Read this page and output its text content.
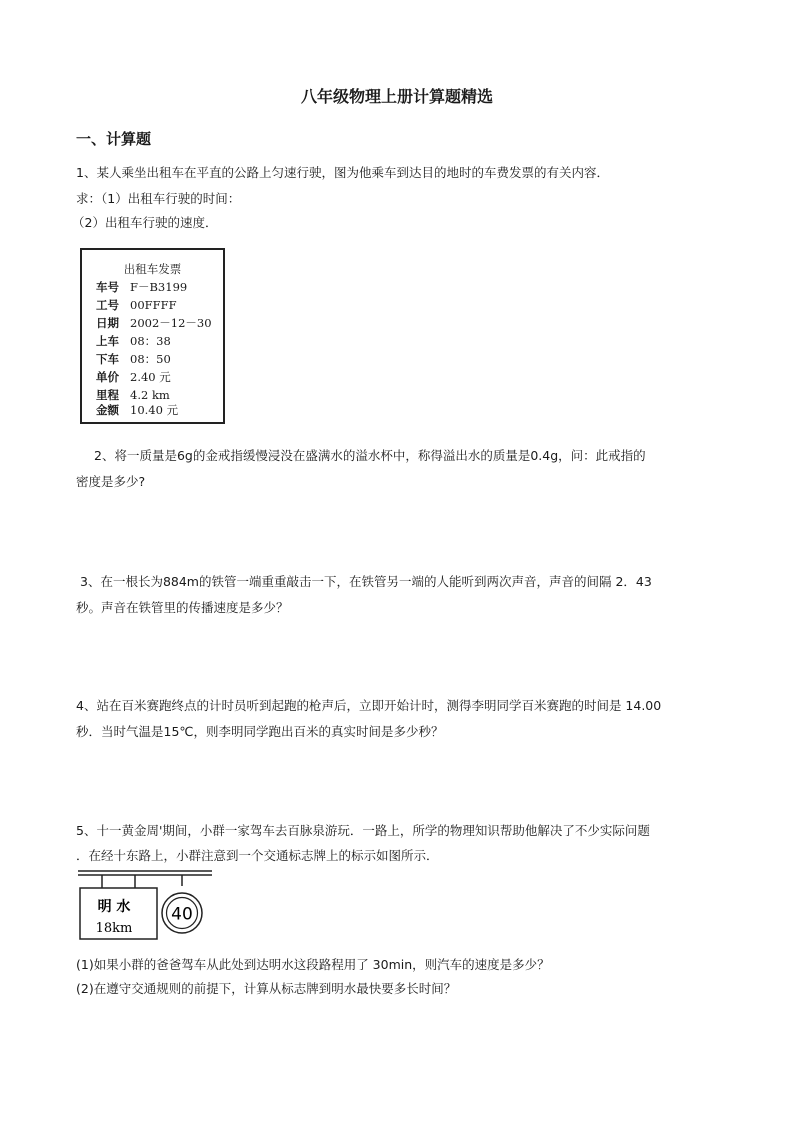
八年级物理上册计算题精选
一、计算题
1、某人乘坐出租车在平直的公路上匀速行驶，图为他乘车到达目的地时的车费发票的有关内容．
求：（1）出租车行驶的时间：
（2）出租车行驶的速度．
出租车发票
车号 F－B3199
工号 00FFFF
日期 2002－12－30
上车 08：38
下车 08：50
单价 2.40 元
里程 4.2 km
金额 10.40 元
2、将一质量是6g的金戒指缓慢浸没在盛满水的溢水杯中，称得溢出水的质量是0.4g，问：此戒指的
密度是多少?
3、在一根长为884m的铁管一端重重敲击一下，在铁管另一端的人能听到两次声音，声音的间隔 2．43
秒。声音在铁管里的传播速度是多少？
4、站在百米赛跑终点的计时员听到起跑的枪声后，立即开始计时，测得李明同学百米赛跑的时间是 14.00
秒．当时气温是15℃，则李明同学跑出百米的真实时间是多少秒？
5、十一黄金周'期间，小群一家驾车去百脉泉游玩．一路上，所学的物理知识帮助他解决了不少实际问题
．在经十东路上，小群注意到一个交通标志牌上的标示如图所示．
明 水
18km
40
(1)如果小群的爸爸驾车从此处到达明水这段路程用了 30min，则汽车的速度是多少？
(2)在遵守交通规则的前提下，计算从标志牌到明水最快要多长时间？
